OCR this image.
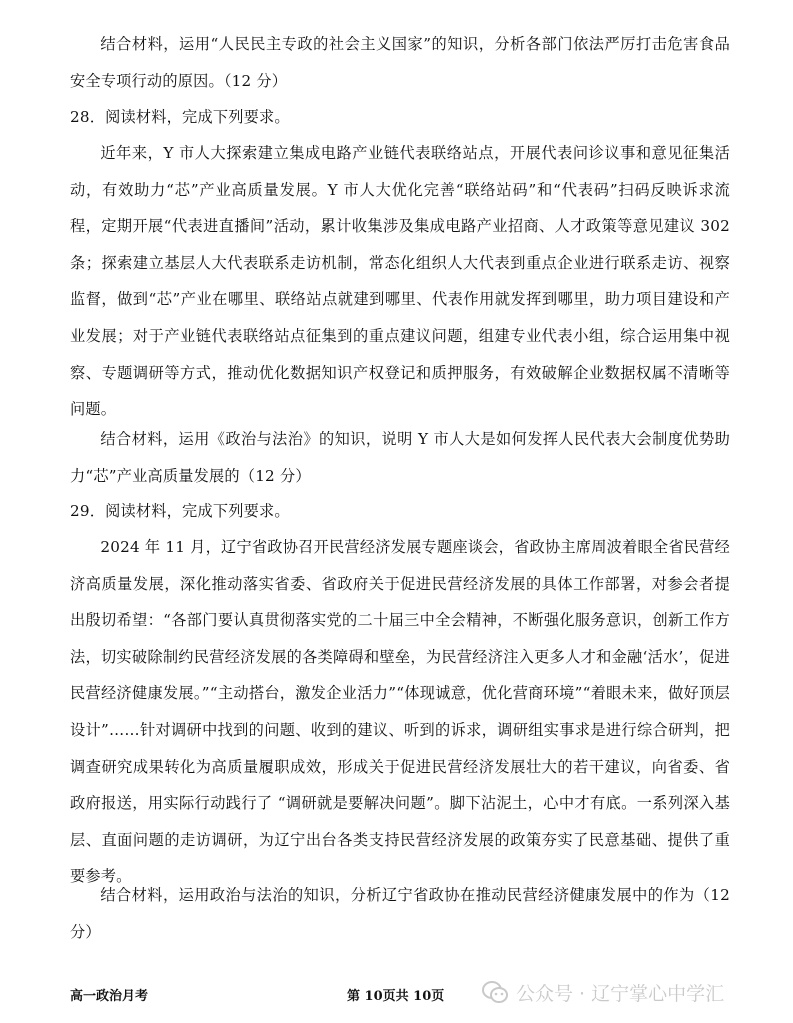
结合材料，运用“人民民主专政的社会主义国家”的知识，分析各部门依法严厉打击危害食品安全专项行动的原因。（12 分）

28．阅读材料，完成下列要求。

近年来，Y 市人大探索建立集成电路产业链代表联络站点，开展代表问诊议事和意见征集活动，有效助力“芯”产业高质量发展。Y 市人大优化完善“联络站码”和“代表码”扫码反映诉求流程，定期开展“代表进直播间”活动，累计收集涉及集成电路产业招商、人才政策等意见建议 302 条；探索建立基层人大代表联系走访机制，常态化组织人大代表到重点企业进行联系走访、视察监督，做到“芯”产业在哪里、联络站点就建到哪里、代表作用就发挥到哪里，助力项目建设和产业发展；对于产业链代表联络站点征集到的重点建议问题，组建专业代表小组，综合运用集中视察、专题调研等方式，推动优化数据知识产权登记和质押服务，有效破解企业数据权属不清晰等问题。

结合材料，运用《政治与法治》的知识，说明 Y 市人大是如何发挥人民代表大会制度优势助力“芯”产业高质量发展的（12 分）

29．阅读材料，完成下列要求。

2024 年 11 月，辽宁省政协召开民营经济发展专题座谈会，省政协主席周波着眼全省民营经济高质量发展，深化推动落实省委、省政府关于促进民营经济发展的具体工作部署，对参会者提出殷切希望：“各部门要认真贯彻落实党的二十届三中全会精神，不断强化服务意识，创新工作方法，切实破除制约民营经济发展的各类障碍和壁垒，为民营经济注入更多人才和金融‘活水’，促进民营经济健康发展。”“主动搭台，激发企业活力”“体现诚意，优化营商环境”“着眼未来，做好顶层设计”……针对调研中找到的问题、收到的建议、听到的诉求，调研组实事求是进行综合研判，把调查研究成果转化为高质量履职成效，形成关于促进民营经济发展壮大的若干建议，向省委、省政府报送，用实际行动践行了 “调研就是要解决问题”。脚下沾泥土，心中才有底。一系列深入基层、直面问题的走访调研，为辽宁出台各类支持民营经济发展的政策夯实了民意基础、提供了重要参考。

结合材料，运用政治与法治的知识，分析辽宁省政协在推动民营经济健康发展中的作为（12 分）

高一政治月考	第 10页共 10页	公众号 · 辽宁掌心中学汇
